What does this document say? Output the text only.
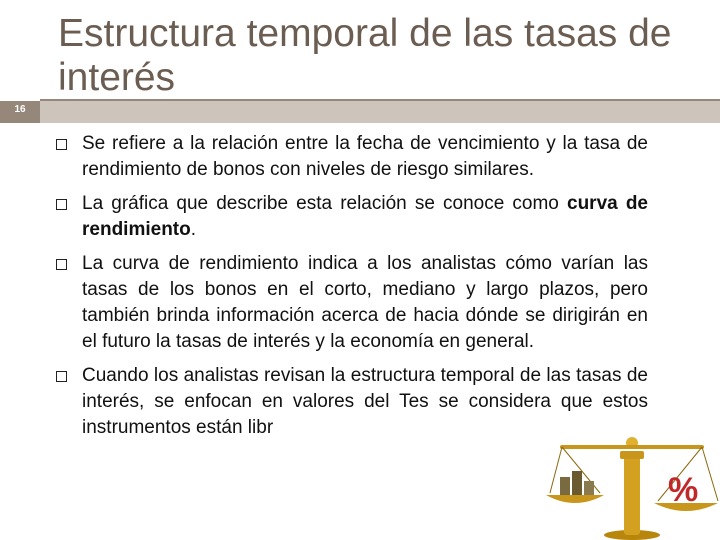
16
Estructura temporal de las tasas de interés
Se refiere a la relación entre la fecha de vencimiento y la tasa de rendimiento de bonos con niveles de riesgo similares.
La gráfica que describe esta relación se conoce como curva de rendimiento.
La curva de rendimiento indica a los analistas cómo varían las tasas de los bonos en el corto, mediano y largo plazos, pero también brinda información acerca de hacia dónde se dirigirán en el futuro la tasas de interés y la economía en general.
Cuando los analistas revisan la estructura temporal de las tasas de interés, se enfocan en valores del Tes se considera que estos instrumentos están libr
%
